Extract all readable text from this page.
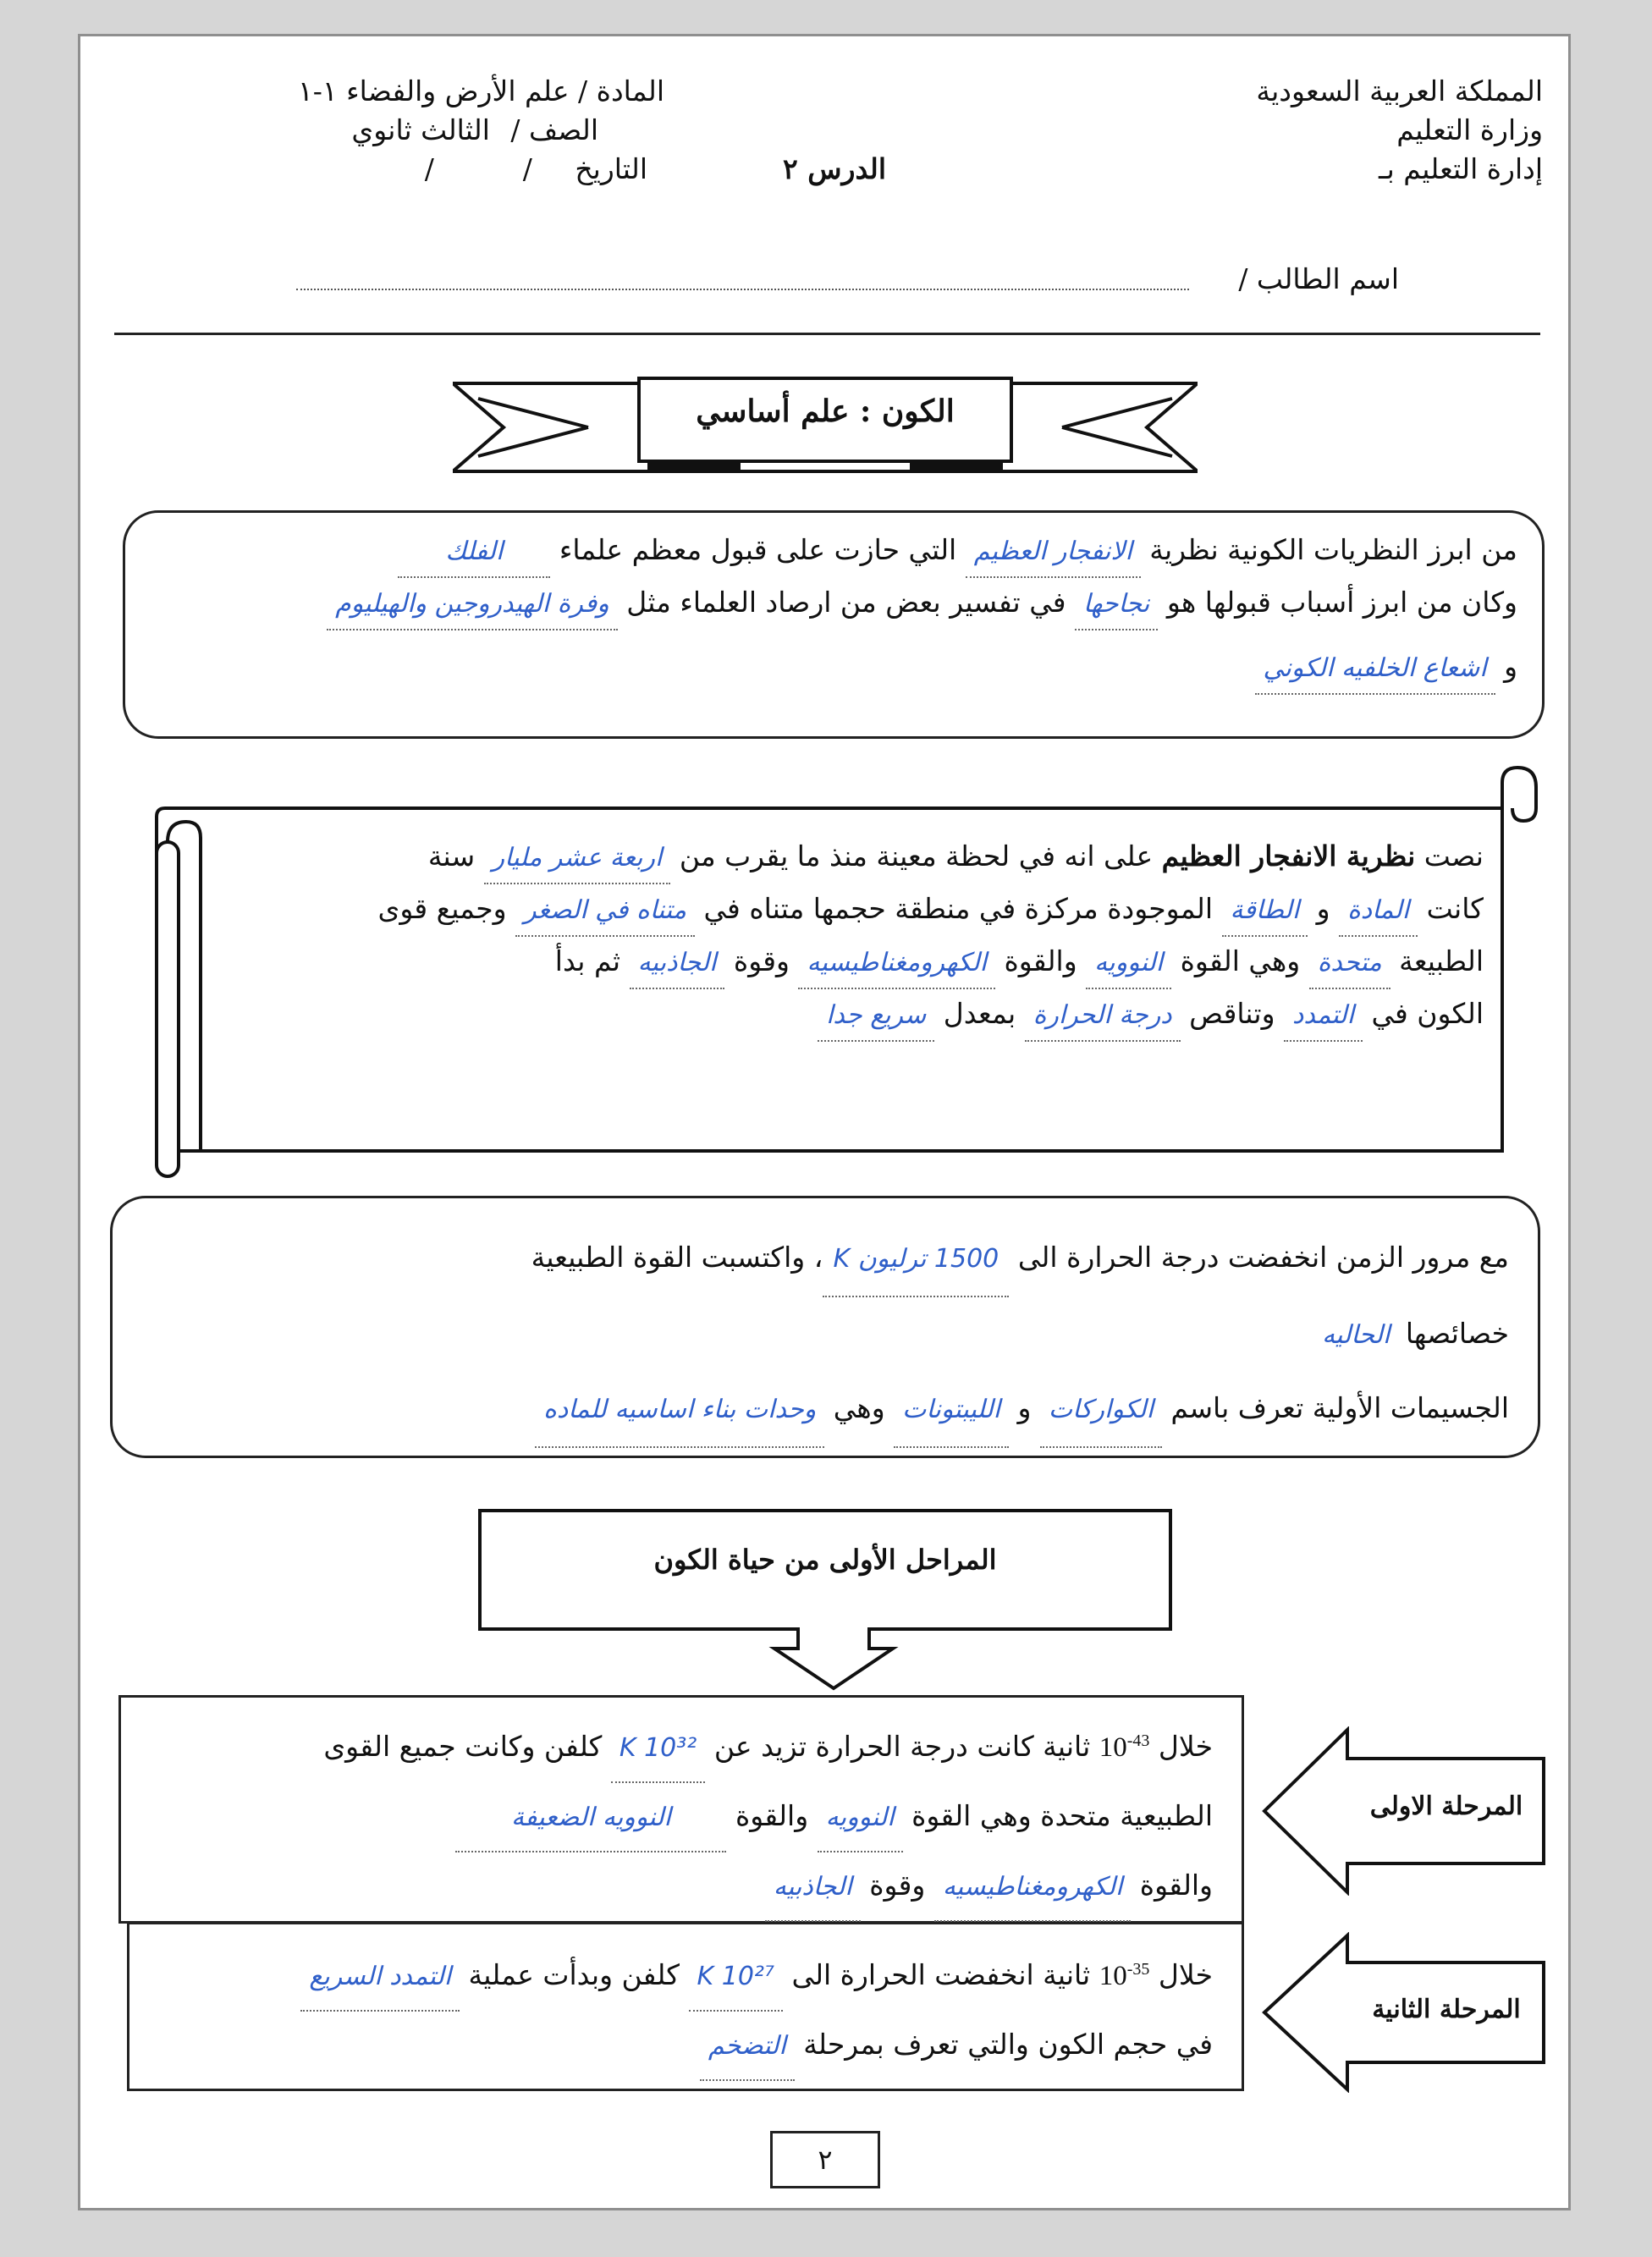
المملكة العربية السعودية
وزارة التعليم
إدارة التعليم بـ
المادة / علم الأرض والفضاء ١-١
الصف / الثالث ثانوي
التاريخ /          /	الدرس ٢
اسم الطالب /
الكون : علم أساسي
من ابرز النظريات الكونية نظرية الانفجار العظيم التي حازت على قبول معظم علماء الفلك
وكان من ابرز أسباب قبولها هو نجاحها في تفسير بعض من ارصاد العلماء مثل وفرة الهيدروجين والهيليوم
و اشعاع الخلفيه الكوني
نصت نظرية الانفجار العظيم على انه في لحظة معينة منذ ما يقرب من اربعة عشر مليار سنة
كانت المادة و الطاقة الموجودة مركزة في منطقة حجمها متناه في متناه في الصغر وجميع قوى
الطبيعة متحدة وهي القوة النوويه والقوة الكهرومغناطيسيه وقوة الجاذبيه ثم بدأ
الكون في التمدد وتناقص درجة الحرارة بمعدل سريع جدا
مع مرور الزمن انخفضت درجة الحرارة الى 1500 ترليون K، واكتسبت القوة الطبيعية
خصائصها الحاليه
الجسيمات الأولية تعرف باسم الكواركات و الليبتونات وهي وحدات بناء اساسيه للماده
المراحل الأولى من حياة الكون
خلال $10^{-43}$ ثانية كانت درجة الحرارة تزيد عن 10³² K كلفن وكانت جميع القوى
الطبيعية متحدة وهي القوة النوويه والقوة النوويه الضعيفة
والقوة الكهرومغناطيسيه وقوة الجاذبيه
المرحلة الاولى
خلال $10^{-35}$ ثانية انخفضت الحرارة الى 10²⁷ K كلفن وبدأت عملية التمدد السريع
في حجم الكون والتي تعرف بمرحلة التضخم
المرحلة الثانية
٢
